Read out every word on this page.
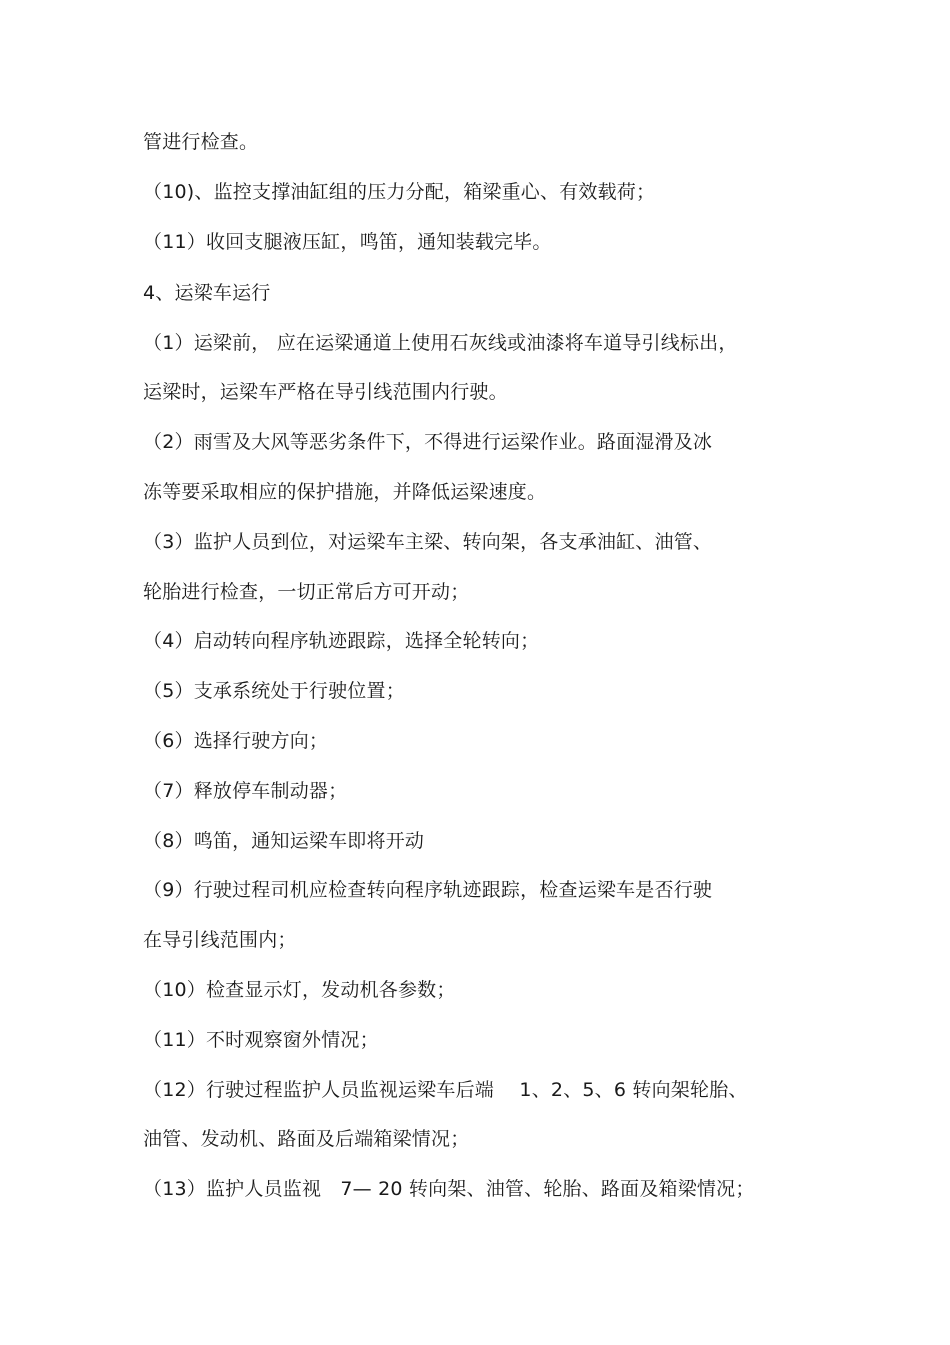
管进行检查。
（10)、监控支撑油缸组的压力分配，箱梁重心、有效载荷；
（11）收回支腿液压缸，鸣笛，通知装载完毕。
4、运梁车运行
（1）运梁前， 应在运梁通道上使用石灰线或油漆将车道导引线标出，
运梁时，运梁车严格在导引线范围内行驶。
（2）雨雪及大风等恶劣条件下，不得进行运梁作业。路面湿滑及冰
冻等要采取相应的保护措施，并降低运梁速度。
（3）监护人员到位，对运梁车主梁、转向架，各支承油缸、油管、
轮胎进行检查，一切正常后方可开动；
（4）启动转向程序轨迹跟踪，选择全轮转向；
（5）支承系统处于行驶位置；
（6）选择行驶方向；
（7）释放停车制动器；
（8）鸣笛，通知运梁车即将开动
（9）行驶过程司机应检查转向程序轨迹跟踪，检查运梁车是否行驶
在导引线范围内；
（10）检查显示灯，发动机各参数；
（11）不时观察窗外情况；
（12）行驶过程监护人员监视运梁车后端　 1、2、5、6 转向架轮胎、
油管、发动机、路面及后端箱梁情况；
（13）监护人员监视　7— 20 转向架、油管、轮胎、路面及箱梁情况；
